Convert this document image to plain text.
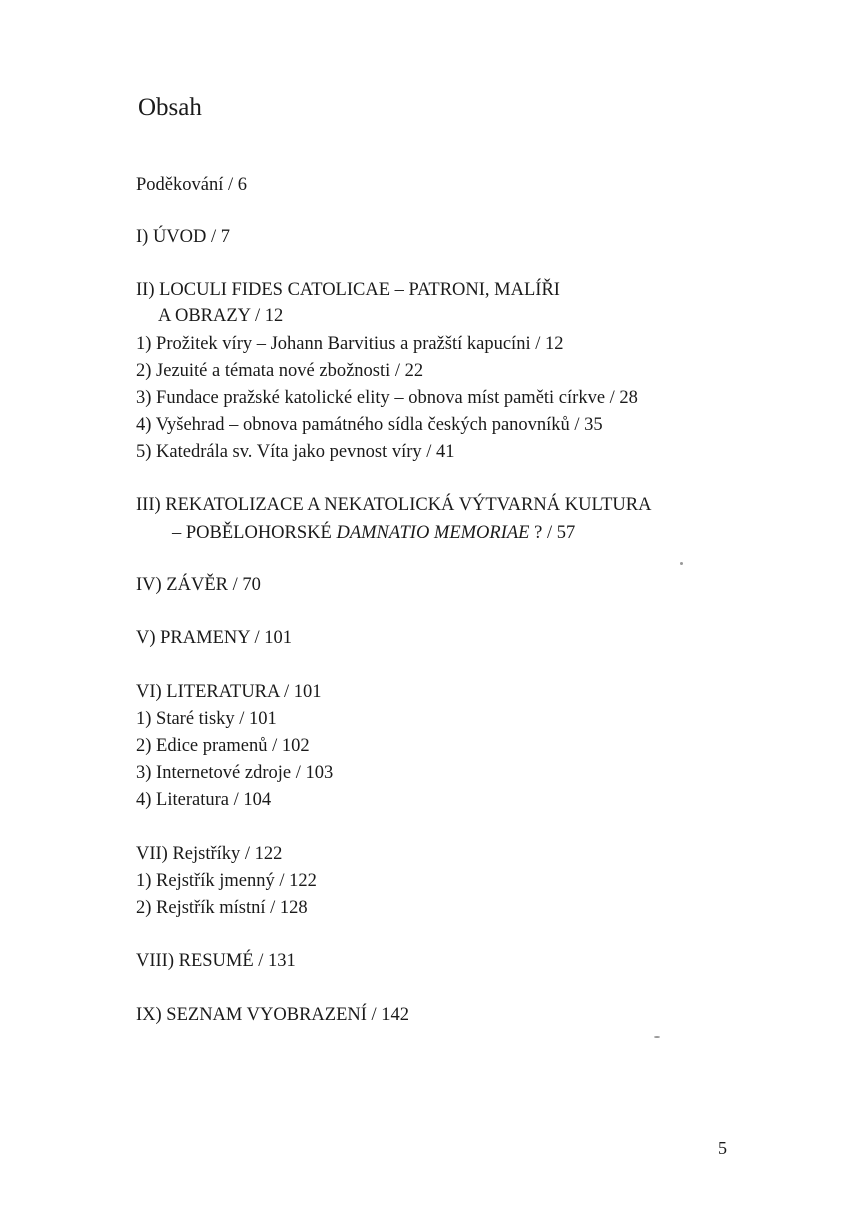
Obsah
Poděkování / 6
I) ÚVOD / 7
II) LOCULI FIDES CATOLICAE – PATRONI, MALÍŘI
A OBRAZY / 12
1) Prožitek víry – Johann Barvitius a pražští kapucíni / 12
2) Jezuité a témata nové zbožnosti / 22
3) Fundace pražské katolické elity – obnova míst paměti církve / 28
4) Vyšehrad – obnova památného sídla českých panovníků / 35
5) Katedrála sv. Víta jako pevnost víry / 41
III) REKATOLIZACE A NEKATOLICKÁ VÝTVARNÁ KULTURA
– POBĚLOHORSKÉ DAMNATIO MEMORIAE ? / 57
IV) ZÁVĚR / 70
V) PRAMENY / 101
VI) LITERATURA / 101
1) Staré tisky / 101
2) Edice pramenů / 102
3) Internetové zdroje / 103
4) Literatura / 104
VII) Rejstříky / 122
1) Rejstřík jmenný / 122
2) Rejstřík místní / 128
VIII) RESUMÉ / 131
IX) SEZNAM VYOBRAZENÍ / 142
5
